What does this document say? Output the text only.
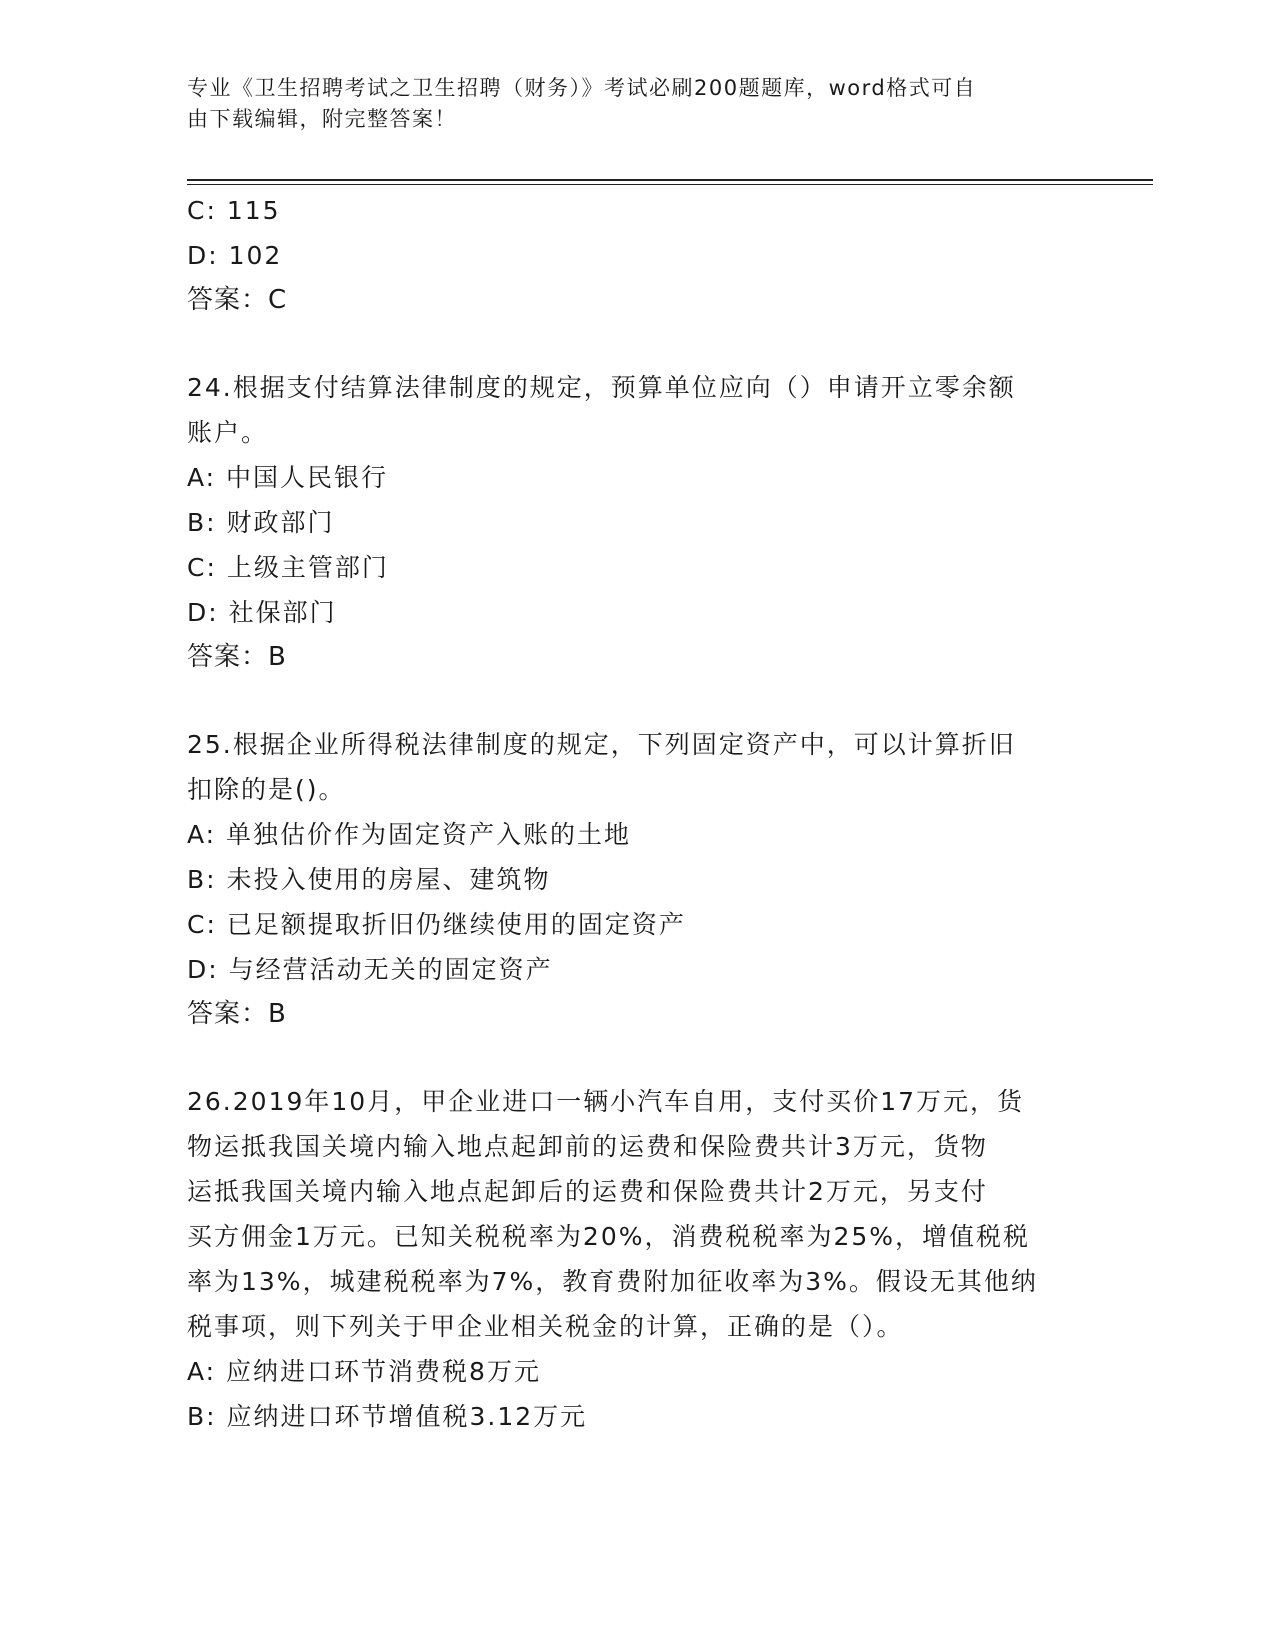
专业《卫生招聘考试之卫生招聘（财务）》考试必刷200题题库，word格式可自
由下载编辑，附完整答案！
C: 115
D: 102
答案：C
24.根据支付结算法律制度的规定，预算单位应向（）申请开立零余额
账户。
A: 中国人民银行
B: 财政部门
C: 上级主管部门
D: 社保部门
答案：B
25.根据企业所得税法律制度的规定，下列固定资产中，可以计算折旧
扣除的是()。
A: 单独估价作为固定资产入账的土地
B: 未投入使用的房屋、建筑物
C: 已足额提取折旧仍继续使用的固定资产
D: 与经营活动无关的固定资产
答案：B
26.2019年10月，甲企业进口一辆小汽车自用，支付买价17万元，货
物运抵我国关境内输入地点起卸前的运费和保险费共计3万元，货物
运抵我国关境内输入地点起卸后的运费和保险费共计2万元，另支付
买方佣金1万元。已知关税税率为20%，消费税税率为25%，增值税税
率为13%，城建税税率为7%，教育费附加征收率为3%。假设无其他纳
税事项，则下列关于甲企业相关税金的计算，正确的是（）。
A: 应纳进口环节消费税8万元
B: 应纳进口环节增值税3.12万元
